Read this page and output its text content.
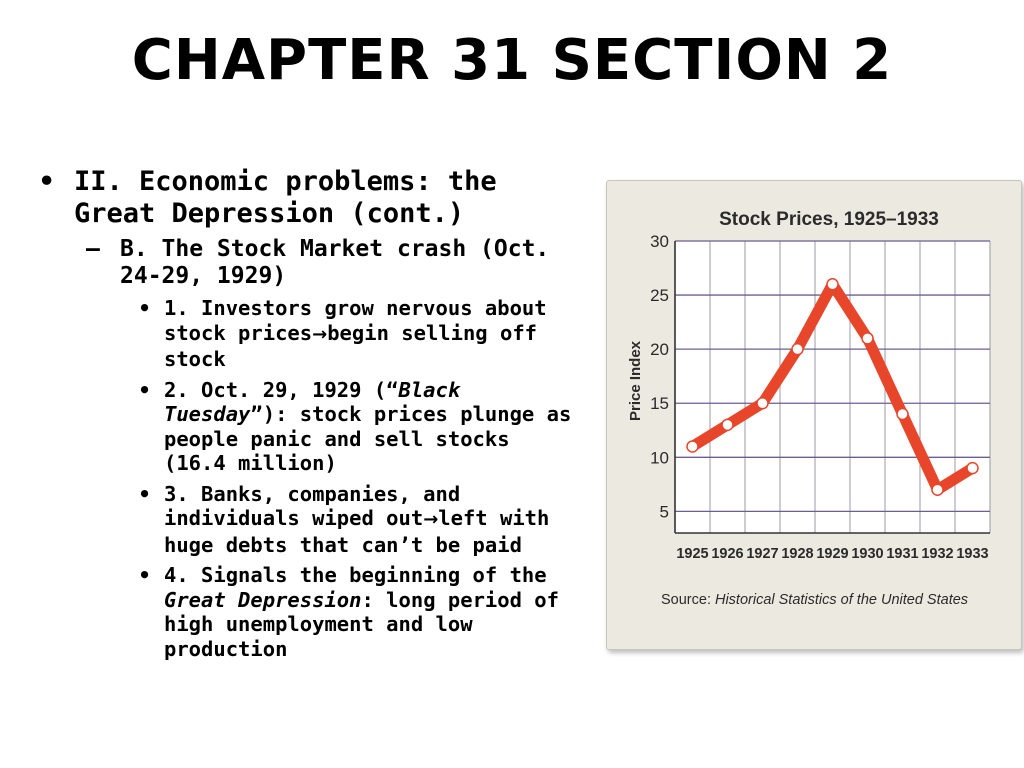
CHAPTER 31 SECTION 2
• II. Economic problems: the Great Depression (cont.)
– B. The Stock Market crash (Oct. 24-29, 1929)
• 1. Investors grow nervous about stock prices→begin selling off stock
• 2. Oct. 29, 1929 (“Black Tuesday”): stock prices plunge as people panic and sell stocks (16.4 million)
• 3. Banks, companies, and individuals wiped out→left with huge debts that can’t be paid
• 4. Signals the beginning of the Great Depression: long period of high unemployment and low production
Stock Prices, 1925–1933
Price Index
5
10
15
20
25
30
1925 1926 1927 1928 1929 1930 1931 1932 1933
Source: Historical Statistics of the United States
